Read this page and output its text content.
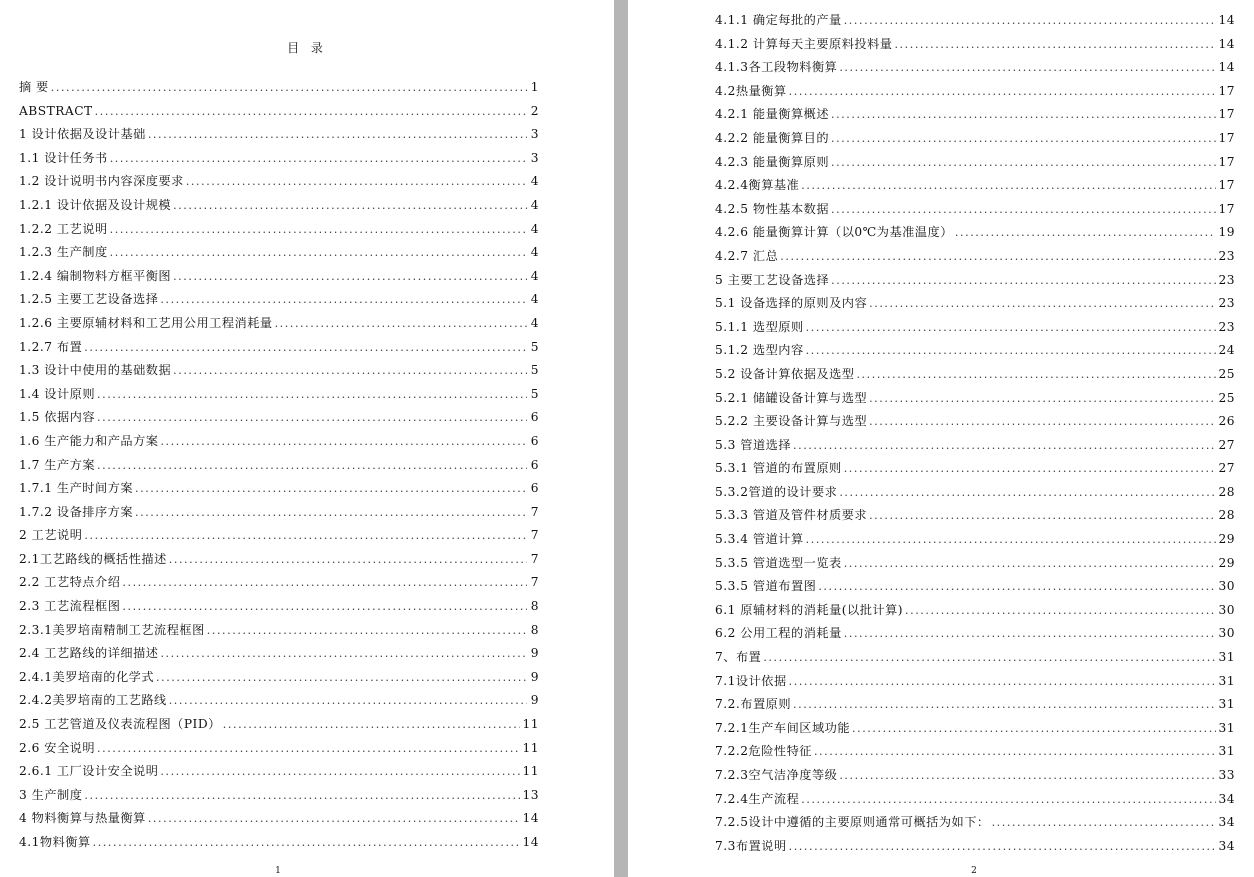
目 录
摘 要 .....	1
ABSTRACT .....	2
1 设计依据及设计基础 .....	3
1.1 设计任务书 .....	3
1.2 设计说明书内容深度要求 .....	4
1.2.1 设计依据及设计规模 .....	4
1.2.2 工艺说明 .....	4
1.2.3 生产制度 .....	4
1.2.4 编制物料方框平衡图 .....	4
1.2.5 主要工艺设备选择 .....	4
1.2.6 主要原辅材料和工艺用公用工程消耗量 .....	4
1.2.7 布置 .....	5
1.3 设计中使用的基础数据 .....	5
1.4 设计原则 .....	5
1.5 依据内容 .....	6
1.6 生产能力和产品方案 .....	6
1.7 生产方案 .....	6
1.7.1 生产时间方案 .....	6
1.7.2 设备排序方案 .....	7
2 工艺说明 .....	7
2.1工艺路线的概括性描述 .....	7
2.2 工艺特点介绍 .....	7
2.3 工艺流程框图 .....	8
2.3.1美罗培南精制工艺流程框图 .....	8
2.4 工艺路线的详细描述 .....	9
2.4.1美罗培南的化学式 .....	9
2.4.2美罗培南的工艺路线 .....	9
2.5 工艺管道及仪表流程图（PID） .....	11
2.6 安全说明 .....	11
2.6.1 工厂设计安全说明 .....	11
3 生产制度 .....	13
4 物料衡算与热量衡算 .....	14
4.1物料衡算 .....	14
1
4.1.1 确定每批的产量 .....	14
4.1.2 计算每天主要原料投料量 .....	14
4.1.3各工段物料衡算 .....	14
4.2热量衡算 .....	17
4.2.1 能量衡算概述 .....	17
4.2.2 能量衡算目的 .....	17
4.2.3 能量衡算原则 .....	17
4.2.4衡算基准 .....	17
4.2.5 物性基本数据 .....	17
4.2.6 能量衡算计算（以0℃为基准温度） .....	19
4.2.7 汇总 .....	23
5 主要工艺设备选择 .....	23
5.1 设备选择的原则及内容 .....	23
5.1.1 选型原则 .....	23
5.1.2 选型内容 .....	24
5.2 设备计算依据及选型 .....	25
5.2.1 储罐设备计算与选型 .....	25
5.2.2 主要设备计算与选型 .....	26
5.3 管道选择 .....	27
5.3.1 管道的布置原则 .....	27
5.3.2管道的设计要求 .....	28
5.3.3 管道及管件材质要求 .....	28
5.3.4 管道计算 .....	29
5.3.5 管道选型一览表 .....	29
5.3.5 管道布置图 .....	30
6.1 原辅材料的消耗量(以批计算) .....	30
6.2 公用工程的消耗量 .....	30
7、布置 .....	31
7.1设计依据 .....	31
7.2.布置原则 .....	31
7.2.1生产车间区域功能 .....	31
7.2.2危险性特征 .....	31
7.2.3空气洁净度等级 .....	33
7.2.4生产流程 .....	34
7.2.5设计中遵循的主要原则通常可概括为如下： .....	34
7.3布置说明 .....	34
2
